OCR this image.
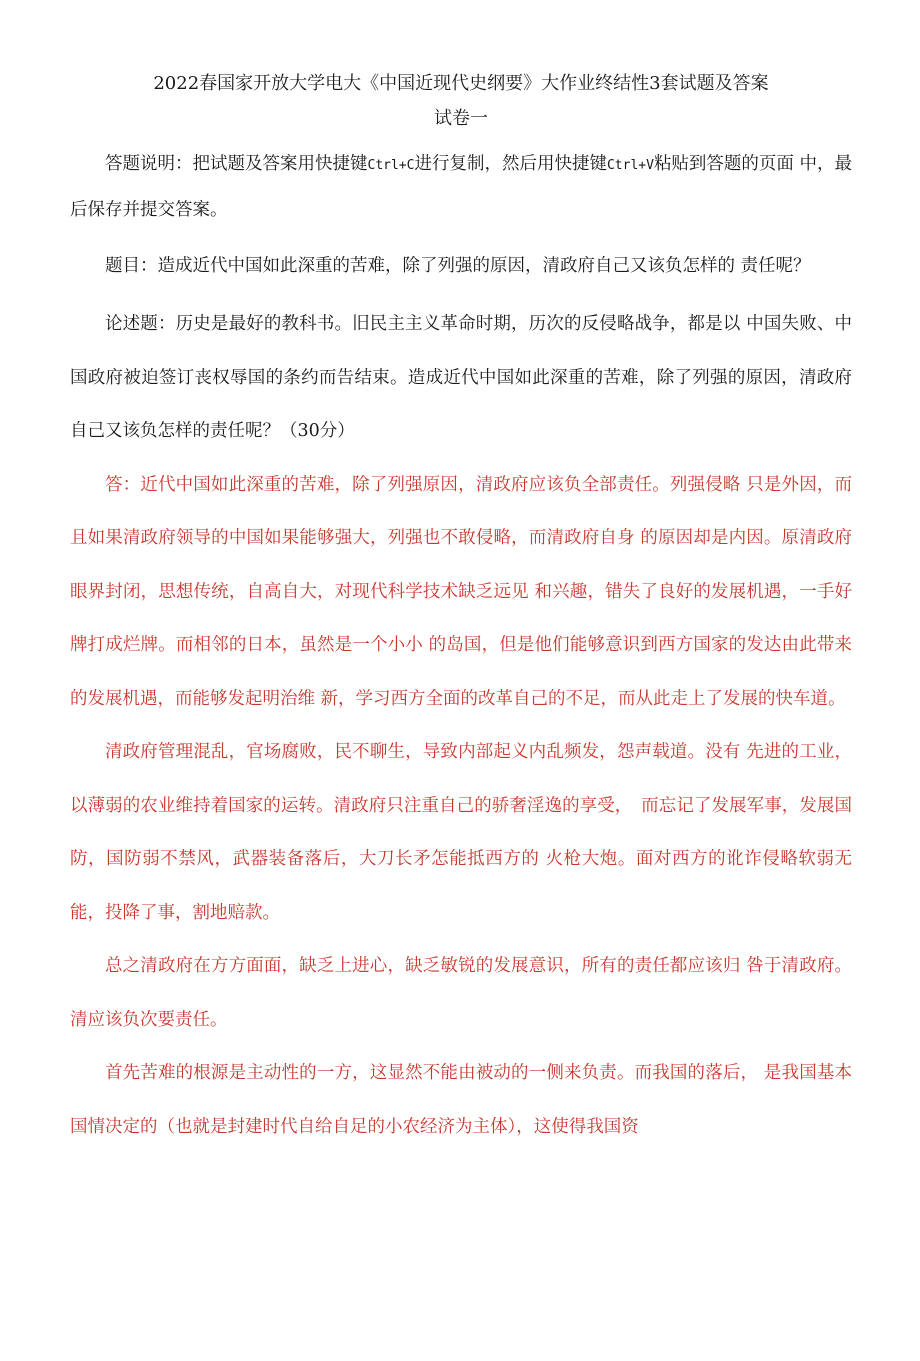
2022春国家开放大学电大《中国近现代史纲要》大作业终结性3套试题及答案
试卷一

答题说明：把试题及答案用快捷键Ctrl+C进行复制，然后用快捷键Ctrl+V粘贴到答题的页面 中，最后保存并提交答案。

题目：造成近代中国如此深重的苦难，除了列强的原因，清政府自己又该负怎样的 责任呢？

论述题：历史是最好的教科书。旧民主主义革命时期，历次的反侵略战争，都是以 中国失败、中国政府被迫签订丧权辱国的条约而告结束。造成近代中国如此深重的苦难，除了列强的原因，清政府自己又该负怎样的责任呢？（30分）

答：近代中国如此深重的苦难，除了列强原因，清政府应该负全部责任。列强侵略 只是外因，而且如果清政府领导的中国如果能够强大，列强也不敢侵略，而清政府自身 的原因却是内因。原清政府眼界封闭，思想传统，自高自大，对现代科学技术缺乏远见 和兴趣，错失了良好的发展机遇，一手好牌打成烂牌。而相邻的日本，虽然是一个小小 的岛国，但是他们能够意识到西方国家的发达由此带来的发展机遇，而能够发起明治维 新，学习西方全面的改革自己的不足，而从此走上了发展的快车道。

清政府管理混乱，官场腐败，民不聊生，导致内部起义内乱频发，怨声载道。没有 先进的工业，以薄弱的农业维持着国家的运转。清政府只注重自己的骄奢淫逸的享受，　而忘记了发展军事，发展国防，国防弱不禁风，武器装备落后，大刀长矛怎能抵西方的 火枪大炮。面对西方的讹诈侵略软弱无能，投降了事，割地赔款。

总之清政府在方方面面，缺乏上进心，缺乏敏锐的发展意识，所有的责任都应该归 咎于清政府。清应该负次要责任。

首先苦难的根源是主动性的一方，这显然不能由被动的一侧来负责。而我国的落后， 是我国基本国情决定的（也就是封建时代自给自足的小农经济为主体），这使得我国资
